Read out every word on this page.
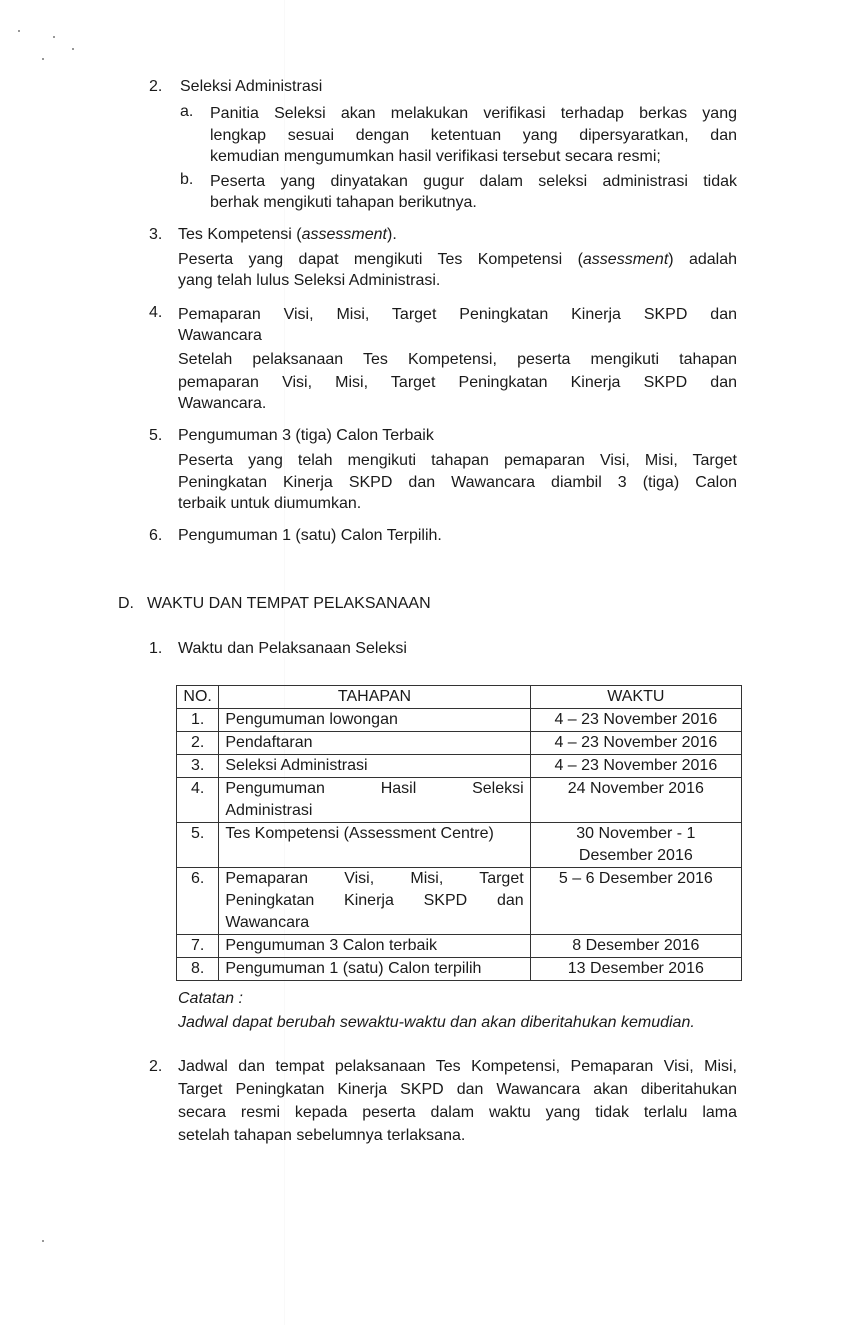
2. Seleksi Administrasi
a. Panitia Seleksi akan melakukan verifikasi terhadap berkas yang
lengkap sesuai dengan ketentuan yang dipersyaratkan, dan
kemudian mengumumkan hasil verifikasi tersebut secara resmi;
b. Peserta yang dinyatakan gugur dalam seleksi administrasi tidak
berhak mengikuti tahapan berikutnya.
3. Tes Kompetensi (assessment).
Peserta yang dapat mengikuti Tes Kompetensi (assessment) adalah
yang telah lulus Seleksi Administrasi.
4. Pemaparan Visi, Misi, Target Peningkatan Kinerja SKPD dan
Wawancara
Setelah pelaksanaan Tes Kompetensi, peserta mengikuti tahapan
pemaparan Visi, Misi, Target Peningkatan Kinerja SKPD dan
Wawancara.
5. Pengumuman 3 (tiga) Calon Terbaik
Peserta yang telah mengikuti tahapan pemaparan Visi, Misi, Target
Peningkatan Kinerja SKPD dan Wawancara diambil 3 (tiga) Calon
terbaik untuk diumumkan.
6. Pengumuman 1 (satu) Calon Terpilih.
D. WAKTU DAN TEMPAT PELAKSANAAN
1. Waktu dan Pelaksanaan Seleksi
NO.	TAHAPAN	WAKTU
1.	Pengumuman lowongan	4 – 23 November 2016
2.	Pendaftaran	4 – 23 November 2016
3.	Seleksi Administrasi	4 – 23 November 2016
4.	Pengumuman Hasil Seleksi
Administrasi	24 November 2016
5.	Tes Kompetensi (Assessment Centre)	30 November - 1
Desember 2016

6.	Pemaparan Visi, Misi, Target
Peningkatan Kinerja SKPD dan
Wawancara	5 – 6 Desember 2016
7.	Pengumuman 3 Calon terbaik	8 Desember 2016
8.	Pengumuman 1 (satu) Calon terpilih	13 Desember 2016
Catatan :
Jadwal dapat berubah sewaktu-waktu dan akan diberitahukan kemudian.
2. Jadwal dan tempat pelaksanaan Tes Kompetensi, Pemaparan Visi, Misi,
Target Peningkatan Kinerja SKPD dan Wawancara akan diberitahukan
secara resmi kepada peserta dalam waktu yang tidak terlalu lama
setelah tahapan sebelumnya terlaksana.
